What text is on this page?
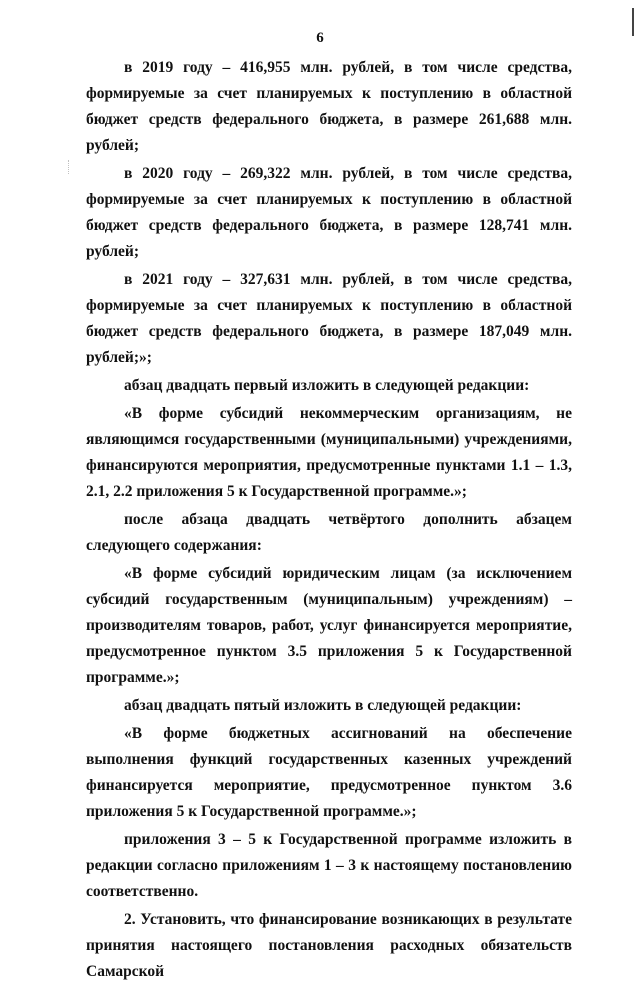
6

в 2019 году – 416,955 млн. рублей, в том числе средства, формируемые за счет планируемых к поступлению в областной бюджет средств федерального бюджета, в размере 261,688 млн. рублей;

в 2020 году – 269,322 млн. рублей, в том числе средства, формируемые за счет планируемых к поступлению в областной бюджет средств федерального бюджета, в размере 128,741 млн. рублей;

в 2021 году – 327,631 млн. рублей, в том числе средства, формируемые за счет планируемых к поступлению в областной бюджет средств федерального бюджета, в размере 187,049 млн. рублей;»;

абзац двадцать первый изложить в следующей редакции:

«В форме субсидий некоммерческим организациям, не являющимся государственными (муниципальными) учреждениями, финансируются мероприятия, предусмотренные пунктами 1.1 – 1.3, 2.1, 2.2 приложения 5 к Государственной программе.»;

после абзаца двадцать четвёртого дополнить абзацем следующего содержания:

«В форме субсидий юридическим лицам (за исключением субсидий государственным (муниципальным) учреждениям) – производителям товаров, работ, услуг финансируется мероприятие, предусмотренное пунктом 3.5 приложения 5 к Государственной программе.»;

абзац двадцать пятый изложить в следующей редакции:

«В форме бюджетных ассигнований на обеспечение выполнения функций государственных казенных учреждений финансируется мероприятие, предусмотренное пунктом 3.6 приложения 5 к Государственной программе.»;

приложения 3 – 5 к Государственной программе изложить в редакции согласно приложениям 1 – 3 к настоящему постановлению соответственно.

2. Установить, что финансирование возникающих в результате принятия настоящего постановления расходных обязательств Самарской
